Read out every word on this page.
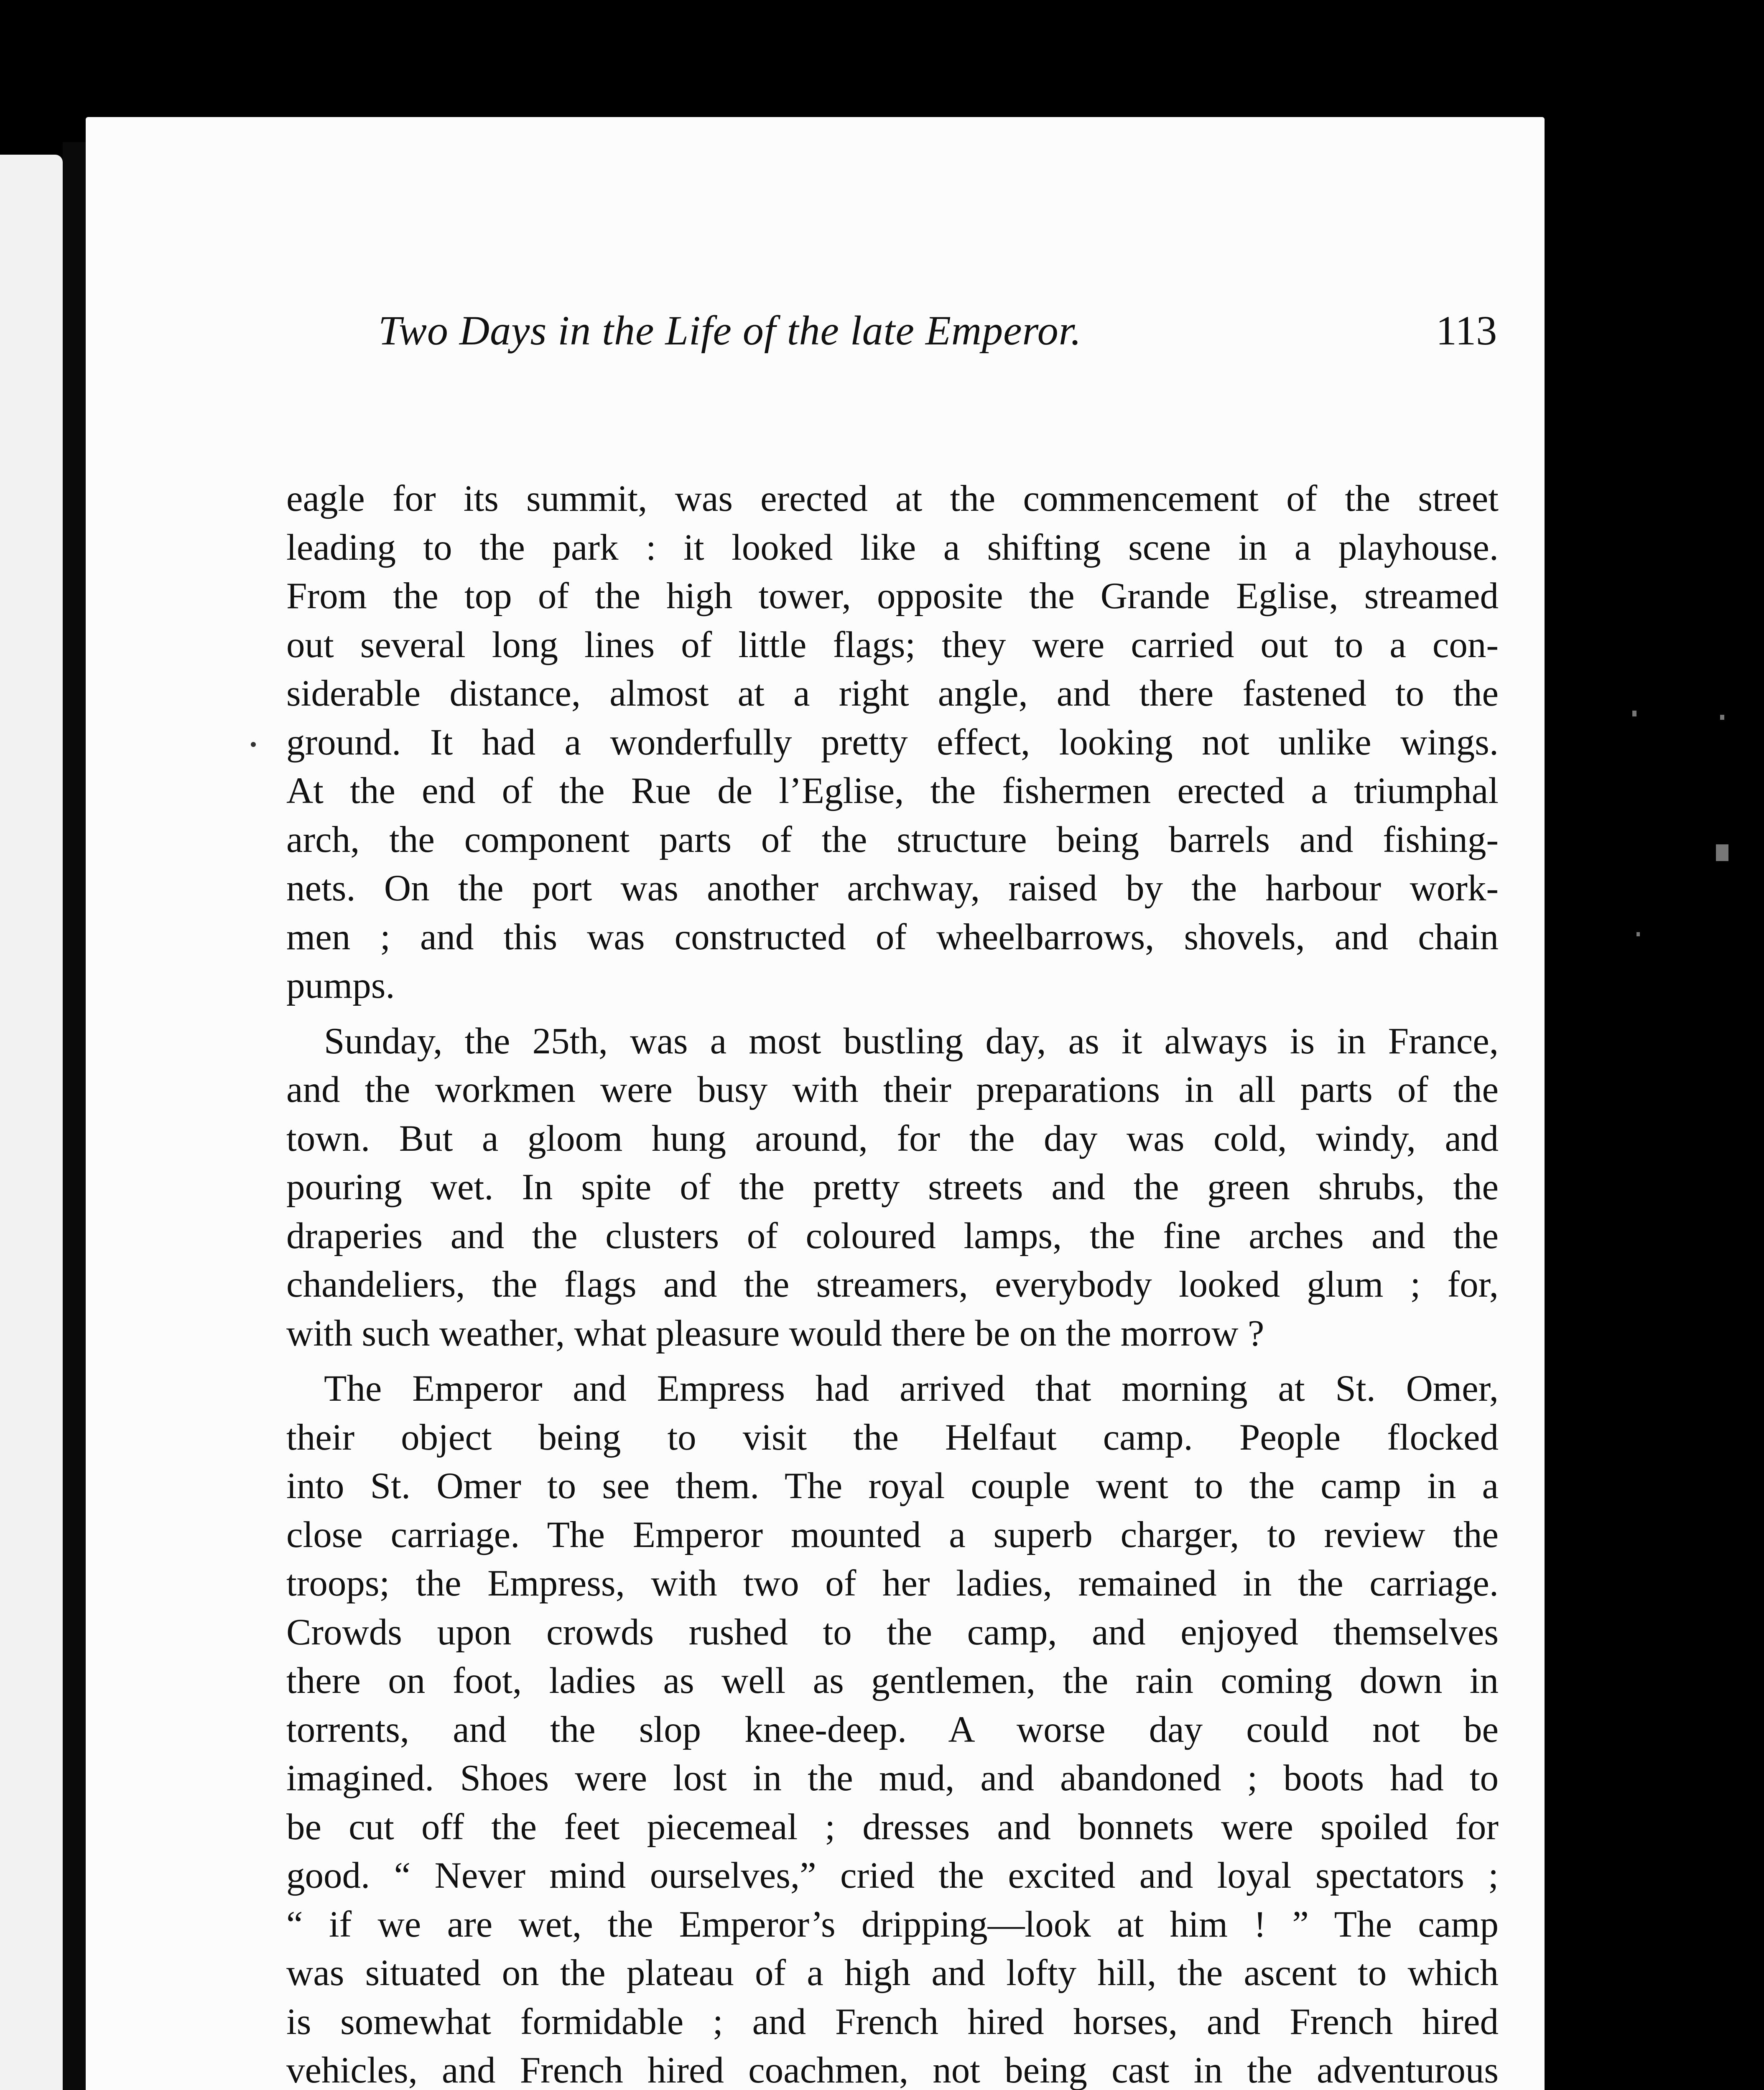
Two Days in the Life of the late Emperor.	113
eagle for its summit, was erected at the commencement of the street
leading to the park : it looked like a shifting scene in a playhouse.
From the top of the high tower, opposite the Grande Eglise, streamed
out several long lines of little flags; they were carried out to a con-
siderable distance, almost at a right angle, and there fastened to the
ground. It had a wonderfully pretty effect, looking not unlike wings.
At the end of the Rue de l’Eglise, the fishermen erected a triumphal
arch, the component parts of the structure being barrels and fishing-
nets. On the port was another archway, raised by the harbour work-
men ; and this was constructed of wheelbarrows, shovels, and chain
pumps.
Sunday, the 25th, was a most bustling day, as it always is in France,
and the workmen were busy with their preparations in all parts of the
town. But a gloom hung around, for the day was cold, windy, and
pouring wet. In spite of the pretty streets and the green shrubs, the
draperies and the clusters of coloured lamps, the fine arches and the
chandeliers, the flags and the streamers, everybody looked glum ; for,
with such weather, what pleasure would there be on the morrow ?
The Emperor and Empress had arrived that morning at St. Omer,
their object being to visit the Helfaut camp. People flocked
into St. Omer to see them. The royal couple went to the camp in a
close carriage. The Emperor mounted a superb charger, to review the
troops; the Empress, with two of her ladies, remained in the carriage.
Crowds upon crowds rushed to the camp, and enjoyed themselves
there on foot, ladies as well as gentlemen, the rain coming down in
torrents, and the slop knee-deep. A worse day could not be
imagined. Shoes were lost in the mud, and abandoned ; boots had to
be cut off the feet piecemeal ; dresses and bonnets were spoiled for
good. “ Never mind ourselves,” cried the excited and loyal spectators ;
“ if we are wet, the Emperor’s dripping—look at him ! ” The camp
was situated on the plateau of a high and lofty hill, the ascent to which
is somewhat formidable ; and French hired horses, and French hired
vehicles, and French hired coachmen, not being cast in the adventurous
